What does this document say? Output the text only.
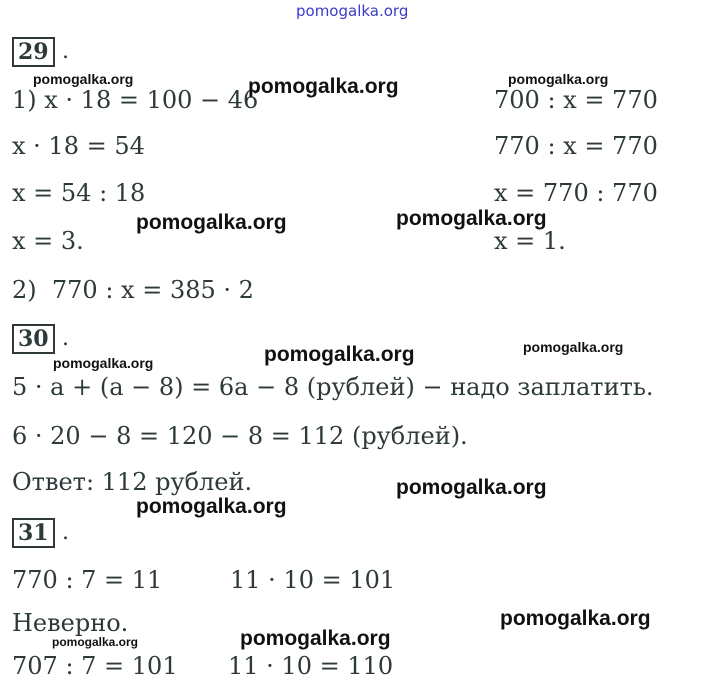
pomogalka.org
29 .
1) x · 18 = 100 − 46
x · 18 = 54
x = 54 : 18
x = 3.
700 : x = 770
770 : x = 770
x = 770 : 770
x = 1.
2)  770 : x = 385 · 2
30 .
5 · a + (a − 8) = 6a − 8 (рублей) − надо заплатить.
6 · 20 − 8 = 120 − 8 = 112 (рублей).
Ответ: 112 рублей.
31 .
770 : 7 = 11	11 · 10 = 101
Неверно.
707 : 7 = 101 11 · 10 = 110
pomogalka.org	pomogalka.org	pomogalka.org
pomogalka.org	pomogalka.org
pomogalka.org	pomogalka.org	pomogalka.org
pomogalka.org
pomogalka.org
pomogalka.org
pomogalka.org
pomogalka.org
